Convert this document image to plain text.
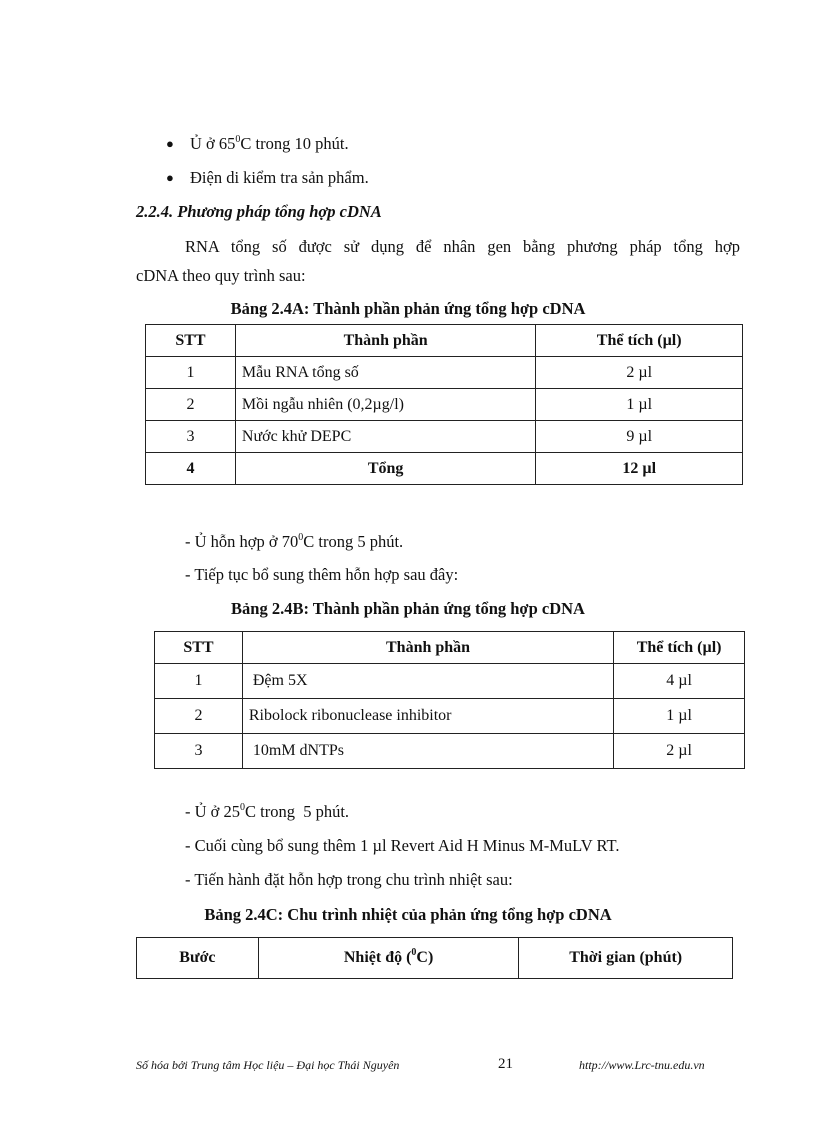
● Ủ ở $65^0C$ trong 10 phút.
● Điện di kiểm tra sản phẩm.
2.2.4. Phương pháp tổng hợp cDNA
RNA tổng số được sử dụng để nhân gen bằng phương pháp tổng hợp
cDNA theo quy trình sau:
Bảng 2.4A: Thành phần phản ứng tổng hợp cDNA
STT	Thành phần	Thể tích (µl)
1	Mẫu RNA tổng số	2 µl
2	Mồi ngẫu nhiên (0,2µg/l)	1 µl
3	Nước khử DEPC	9 µl
4	Tổng	12 µl
- Ủ hỗn hợp ở $70^0C$ trong 5 phút.
- Tiếp tục bổ sung thêm hỗn hợp sau đây:
Bảng 2.4B: Thành phần phản ứng tổng hợp cDNA
STT	Thành phần	Thể tích (µl)
1	Đệm 5X	4 µl
2	Ribolock ribonuclease inhibitor	1 µl
3	10mM dNTPs	2 µl
- Ủ ở $25^0C$ trong  5 phút.
- Cuối cùng bổ sung thêm 1 µl Revert Aid H Minus M-MuLV RT.
- Tiến hành đặt hỗn hợp trong chu trình nhiệt sau:
Bảng 2.4C: Chu trình nhiệt của phản ứng tổng hợp cDNA
Bước	Nhiệt độ ($^0$C)	Thời gian (phút)
Số hóa bởi Trung tâm Học liệu – Đại học Thái Nguyên	21	http://www.Lrc-tnu.edu.vn
